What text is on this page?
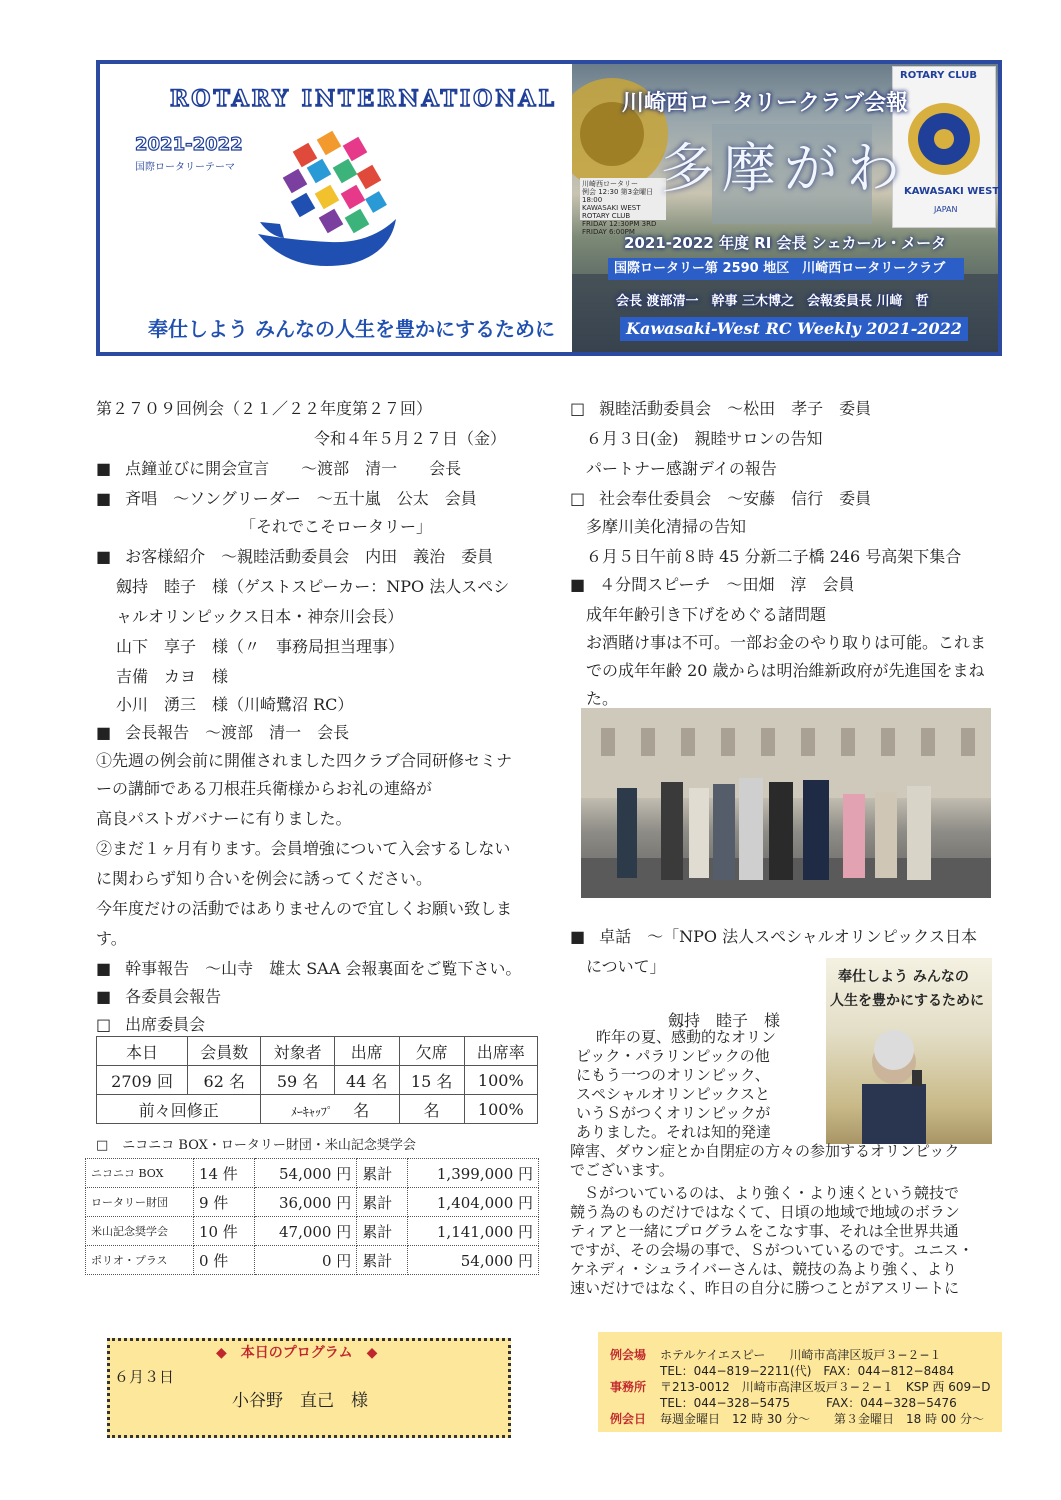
ROTARY INTERNATIONAL
2021-2022
国際ロータリーテーマ
奉仕しよう みんなの人生を豊かにするために
川崎西ロータリー
例会 12:30 第3金曜日 18:00
KAWASAKI WEST ROTARY CLUB
FRIDAY 12:30PM 3RD FRIDAY 6:00PM
ROTARY CLUB
KAWASAKI WEST
JAPAN
川崎西ロータリークラブ会報
多摩がわ
2021-2022 年度 RI 会長 シェカール・メータ
国際ロータリー第 2590 地区　川崎西ロータリークラブ
会長 渡部清一　幹事 三木博之　会報委員長 川﨑　哲
Kawasaki-West RC Weekly 2021-2022
第２７０９回例会（２１／２２年度第２７回）
令和４年５月２７日（金）
■ 点鐘並びに開会宣言　　～渡部　清一　　会長
■ 斉唱　～ソングリーダー　～五十嵐　公太　会員
「それでこそロータリー」
■ お客様紹介　～親睦活動委員会　内田　義治　委員
劔持　睦子　様（ゲストスピーカー：NPO 法人スペシ
ャルオリンピックス日本・神奈川会長）
山下　享子　様（〃　事務局担当理事）
吉備　カヨ　様
小川　湧三　様（川崎鷺沼 RC）
■ 会長報告　～渡部　清一　会長
①先週の例会前に開催されました四クラブ合同研修セミナ
ーの講師である刀根荘兵衛様からお礼の連絡が
高良パストガバナーに有りました。
②まだ１ヶ月有ります。会員増強について入会するしない
に関わらず知り合いを例会に誘ってください。
今年度だけの活動ではありませんので宜しくお願い致しま
す。
■ 幹事報告　～山寺　雄太 SAA 会報裏面をご覧下さい。
■ 各委員会報告
□ 出席委員会
本日	会員数	対象者	出席	欠席	出席率
2709 回	62 名	59 名	44 名	15 名	100%
前々回修正		ﾒｰｷｬｯﾌﾟ 名		名	100%
□ ニコニコ BOX・ロータリー財団・米山記念奨学会
ニコニコ BOX	14 件	54,000 円	累計	1,399,000 円
ロータリー財団	9 件	36,000 円	累計	1,404,000 円
米山記念奨学会	10 件	47,000 円	累計	1,141,000 円
ポリオ・プラス	0 件	0 円	累計	54,000 円
□ 親睦活動委員会　～松田　孝子　委員
６月３日(金)　親睦サロンの告知
パートナー感謝デイの報告
□ 社会奉仕委員会　～安藤　信行　委員
多摩川美化清掃の告知
６月５日午前８時 45 分新二子橋 246 号高架下集合
■ ４分間スピーチ　～田畑　淳　会員
成年年齢引き下げをめぐる諸問題
お酒賭け事は不可。一部お金のやり取りは可能。これま
での成年年齢 20 歳からは明治維新政府が先進国をまね
た。
■ 卓話　～「NPO 法人スペシャルオリンピックス日本
について」
奉仕しよう みんなの
人生を豊かにするために
劔持　睦子　様
昨年の夏、感動的なオリン
ピック・パラリンピックの他
にもう一つのオリンピック、
スペシャルオリンピックスと
いうＳがつくオリンピックが
ありました。それは知的発達
障害、ダウン症とか自閉症の方々の参加するオリンピック
でございます。
Ｓがついているのは、より強く・より速くという競技で
競う為のものだけではなくて、日頃の地域で地域のボラン
ティアと一緒にプログラムをこなす事、それは全世界共通
ですが、その会場の事で、Ｓがついているのです。ユニス・
ケネディ・シュライバーさんは、競技の為より強く、より
速いだけではなく、昨日の自分に勝つことがアスリートに
◆　本日のプログラム　◆
６月３日
小谷野　直己　様
例会場 ホテルケイエスピー　　川崎市高津区坂戸３−２−１
TEL：044−819−2211(代)　FAX：044−812−8484
事務所 〒213-0012　川崎市高津区坂戸３−２−１　KSP 西 609−D
TEL：044−328−5475　　　FAX：044−328−5476
例会日 毎週金曜日　12 時 30 分～　　第３金曜日　18 時 00 分～
